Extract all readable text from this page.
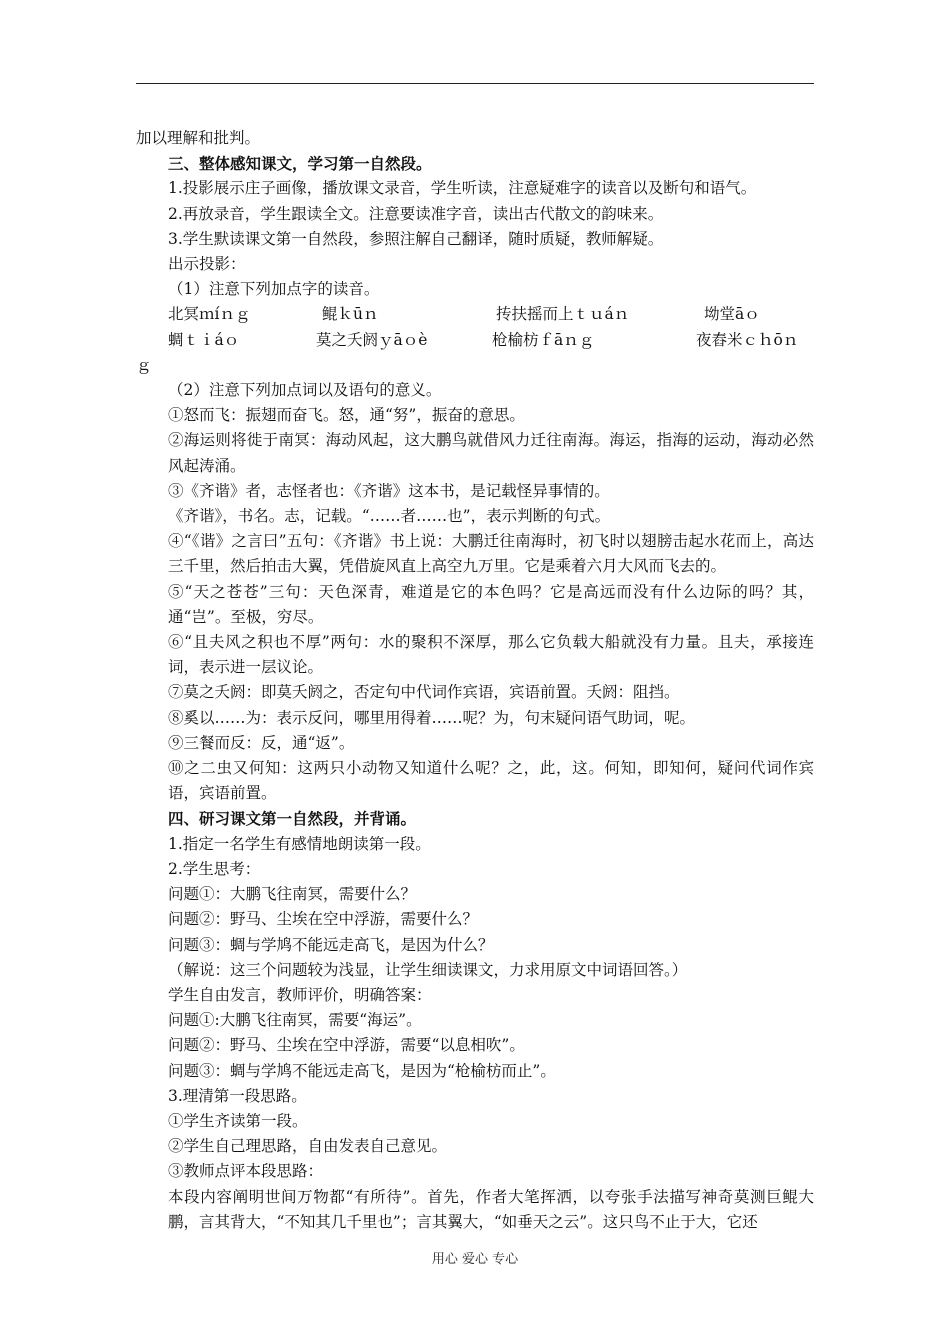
加以理解和批判。

三、整体感知课文，学习第一自然段。

1.投影展示庄子画像，播放课文录音，学生听读，注意疑难字的读音以及断句和语气。

2.再放录音，学生跟读全文。注意要读准字音，读出古代散文的韵味来。

3.学生默读课文第一自然段，参照注解自己翻译，随时质疑，教师解疑。

出示投影：

（1）注意下列加点字的读音。

北冥ｍíｎｇ	鲲ｋūｎ	抟扶摇而上ｔｕáｎ	坳堂āｏ
蜩ｔｉáｏ	莫之夭阏ｙāｏè	枪榆枋ｆāｎｇ	夜舂米ｃｈōｎ

ｇ

（2）注意下列加点词以及语句的意义。

①怒而飞：振翅而奋飞。怒，通“努”，振奋的意思。

②海运则将徙于南冥：海动风起，这大鹏鸟就借风力迁往南海。海运，指海的运动，海动必然风起涛涌。

③《齐谐》者，志怪者也：《齐谐》这本书，是记载怪异事情的。

《齐谐》，书名。志，记载。“……者……也”，表示判断的句式。

④“《谐》之言曰”五句：《齐谐》书上说：大鹏迁往南海时，初飞时以翅膀击起水花而上，高达三千里，然后拍击大翼，凭借旋风直上高空九万里。它是乘着六月大风而飞去的。

⑤“天之苍苍”三句：天色深青，难道是它的本色吗？它是高远而没有什么边际的吗？其，通“岂”。至极，穷尽。

⑥“且夫风之积也不厚”两句：水的聚积不深厚，那么它负载大船就没有力量。且夫，承接连词，表示进一层议论。

⑦莫之夭阏：即莫夭阏之，否定句中代词作宾语，宾语前置。夭阏：阻挡。

⑧奚以……为：表示反问，哪里用得着……呢？为，句末疑问语气助词，呢。

⑨三餐而反：反，通“返”。

⑩之二虫又何知：这两只小动物又知道什么呢？之，此，这。何知，即知何，疑问代词作宾语，宾语前置。

四、研习课文第一自然段，并背诵。

1.指定一名学生有感情地朗读第一段。

2.学生思考：

问题①：大鹏飞往南冥，需要什么？

问题②：野马、尘埃在空中浮游，需要什么？

问题③：蜩与学鸠不能远走高飞，是因为什么？

（解说：这三个问题较为浅显，让学生细读课文，力求用原文中词语回答。）

学生自由发言，教师评价，明确答案：

问题①:大鹏飞往南冥，需要“海运”。

问题②：野马、尘埃在空中浮游，需要“以息相吹”。

问题③：蜩与学鸠不能远走高飞，是因为“枪榆枋而止”。

3.理清第一段思路。

①学生齐读第一段。

②学生自己理思路，自由发表自己意见。

③教师点评本段思路：

本段内容阐明世间万物都“有所待”。首先，作者大笔挥洒，以夸张手法描写神奇莫测巨鲲大鹏，言其背大，“不知其几千里也”；言其翼大，“如垂天之云”。这只鸟不止于大，它还

用心 爱心 专心
